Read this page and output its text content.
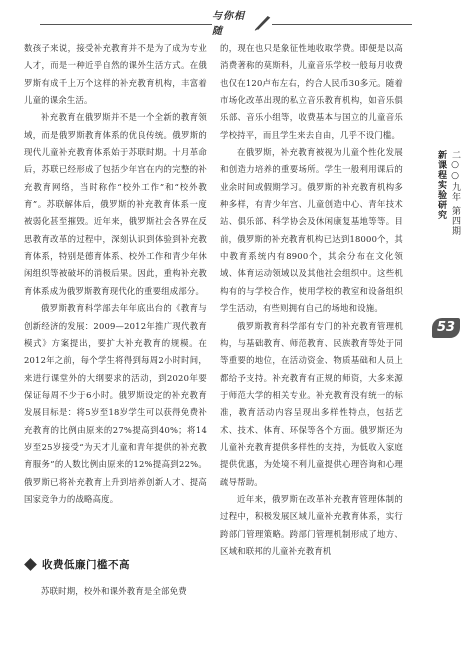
与你相随

数孩子来说，接受补充教育并不是为了成为专业人才，而是一种近乎自然的课外生活方式。在俄罗斯有成千上万个这样的补充教育机构，丰富着儿童的课余生活。

补充教育在俄罗斯并不是一个全新的教育领域，而是俄罗斯教育体系的优良传统。俄罗斯的现代儿童补充教育体系始于苏联时期。十月革命后，苏联已经形成了包括少年宫在内的完整的补充教育网络，当时称作“校外工作”和“校外教育”。苏联解体后，俄罗斯的补充教育体系一度被弱化甚至摧毁。近年来，俄罗斯社会各界在反思教育改革的过程中，深刻认识到体验到补充教育体系，特别是德育体系、校外工作和青少年休闲组织等被破坏的消极后果。因此，重构补充教育体系成为俄罗斯教育现代化的重要组成部分。

俄罗斯教育科学部去年年底出台的《教育与创新经济的发展：2009—2012年推广现代教育模式》方案提出，要扩大补充教育的规模。在2012年之前，每个学生将得到每周2小时时间，来进行课堂外的大纲要求的活动，到2020年要保证每周不少于6小时。俄罗斯设定的补充教育发展目标是：将5岁至18岁学生可以获得免费补充教育的比例由原来的27%提高到40%；将14岁至25岁接受“为天才儿童和青年提供的补充教育服务”的人数比例由原来的12%提高到22%。俄罗斯已将补充教育上升到培养创新人才、提高国家竞争力的战略高度。

收费低廉门槛不高
苏联时期，校外和课外教育是全部免费

的，现在也只是象征性地收取学费。即便是以高消费著称的莫斯科，儿童音乐学校一般每月收费也仅在120卢布左右，约合人民币30多元。随着市场化改革出现的私立音乐教育机构，如音乐俱乐部、音乐小组等，收费基本与国立的儿童音乐学校持平，而且学生来去自由，几乎不设门槛。

在俄罗斯，补充教育被视为儿童个性化发展和创造力培养的重要场所。学生一般利用课后的业余时间或假期学习。俄罗斯的补充教育机构多种多样，有青少年宫、儿童创造中心、青年技术站、俱乐部、科学协会及休闲康复基地等等。目前，俄罗斯的补充教育机构已达到18000个，其中教育系统内有8900个，其余分布在文化领域、体育运动领域以及其他社会组织中。这些机构有的与学校合作，使用学校的教室和设备组织学生活动，有些则拥有自己的场地和设施。

俄罗斯教育科学部有专门的补充教育管理机构，与基础教育、师范教育、民族教育等处于同等重要的地位，在活动资金、物质基础和人员上都给予支持。补充教育有正规的师资，大多来源于师范大学的相关专业。补充教育没有统一的标准，教育活动内容呈现出多样性特点，包括艺术、技术、体育、环保等各个方面。俄罗斯还为儿童补充教育提供多样性的支持，为低收入家庭提供优惠，为处境不利儿童提供心理咨询和心理疏导帮助。

近年来，俄罗斯在改革补充教育管理体制的过程中，积极发展区域儿童补充教育体系，实行跨部门管理策略。跨部门管理机制形成了地方、区域和联邦的儿童补充教育机

新课程实验研究 二○○九年 第四期
53
